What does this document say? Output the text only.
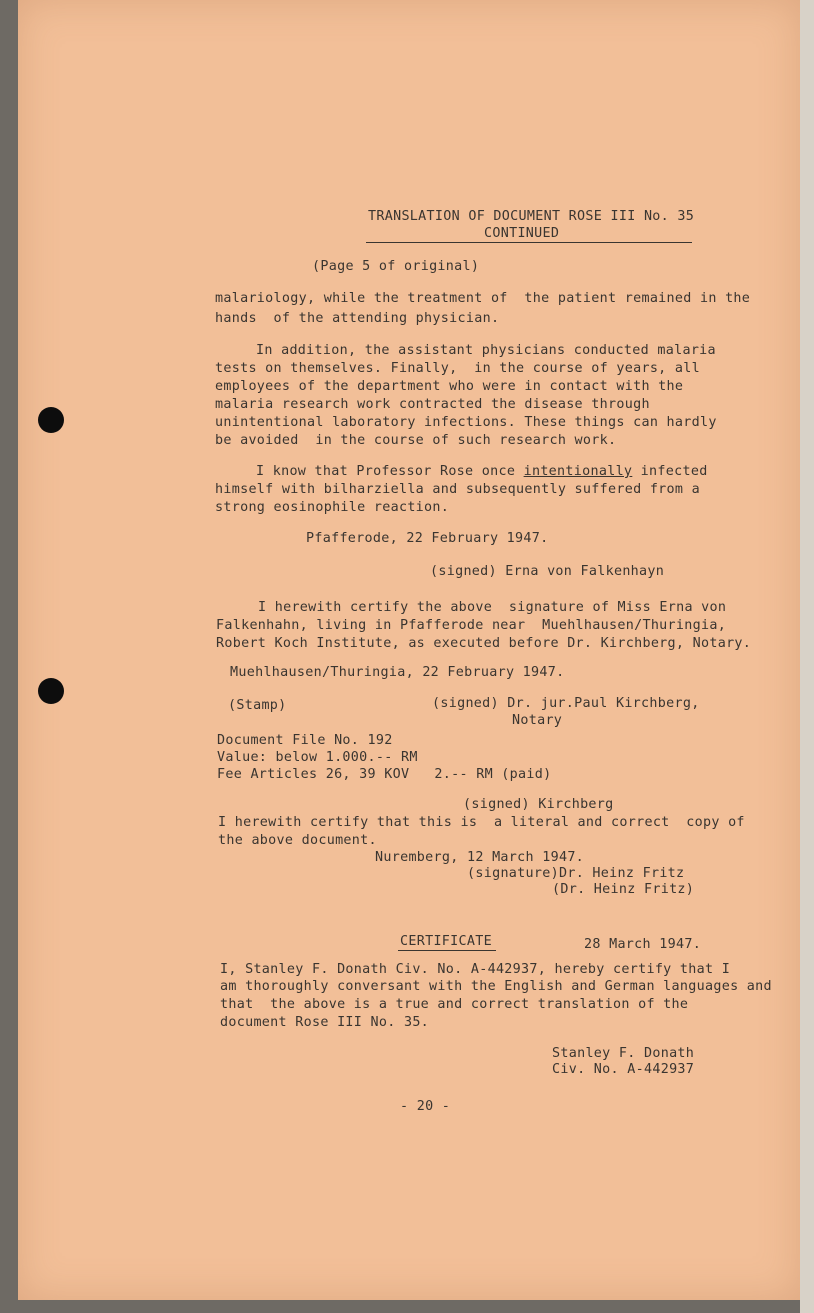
TRANSLATION OF DOCUMENT ROSE III No. 35

CONTINUED

(Page 5 of original)

malariology, while the treatment of  the patient remained in the

hands  of the attending physician.

In addition, the assistant physicians conducted malaria

tests on themselves. Finally,  in the course of years, all

employees of the department who were in contact with the

malaria research work contracted the disease through

unintentional laboratory infections. These things can hardly

be avoided  in the course of such research work.

I know that Professor Rose once intentionally infected

himself with bilharziella and subsequently suffered from a

strong eosinophile reaction.

Pfafferode, 22 February 1947.

(signed) Erna von Falkenhayn

I herewith certify the above  signature of Miss Erna von

Falkenhahn, living in Pfafferode near  Muehlhausen/Thuringia,

Robert Koch Institute, as executed before Dr. Kirchberg, Notary.

Muehlhausen/Thuringia, 22 February 1947.

(Stamp)	(signed) Dr. jur.Paul Kirchberg,

Notary

Document File No. 192

Value: below 1.000.-- RM

Fee Articles 26, 39 KOV   2.-- RM (paid)

(signed) Kirchberg

I herewith certify that this is  a literal and correct  copy of

the above document.

Nuremberg, 12 March 1947.

(signature)Dr. Heinz Fritz

(Dr. Heinz Fritz)

CERTIFICATE	28 March 1947.

I, Stanley F. Donath Civ. No. A-442937, hereby certify that I

am thoroughly conversant with the English and German languages and

that  the above is a true and correct translation of the

document Rose III No. 35.

Stanley F. Donath

Civ. No. A-442937

- 20 -
